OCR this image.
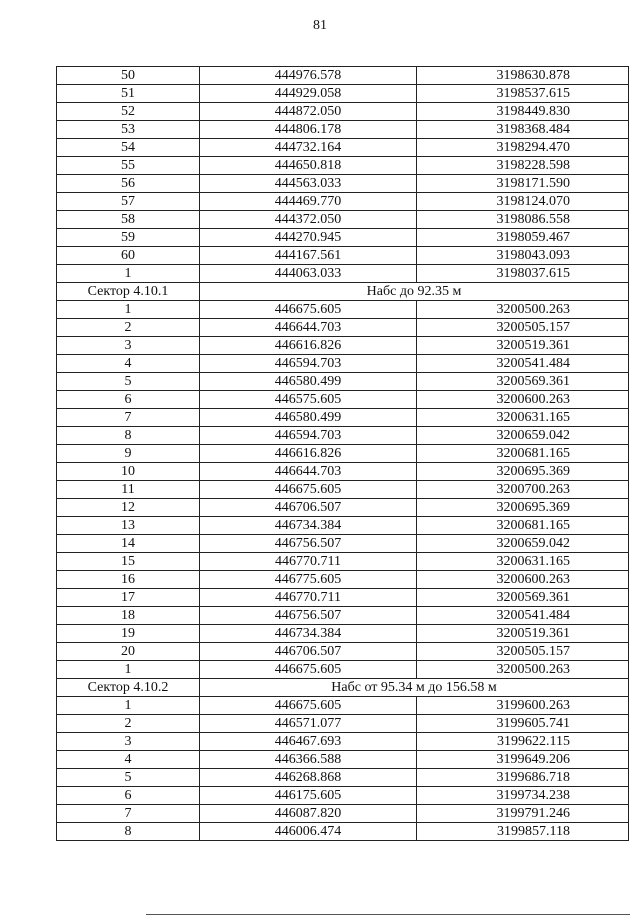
81
50	444976.578	3198630.878
51	444929.058	3198537.615
52	444872.050	3198449.830
53	444806.178	3198368.484
54	444732.164	3198294.470
55	444650.818	3198228.598
56	444563.033	3198171.590
57	444469.770	3198124.070
58	444372.050	3198086.558
59	444270.945	3198059.467
60	444167.561	3198043.093
1	444063.033	3198037.615
Сектор 4.10.1	Набс до 92.35 м	
1	446675.605	3200500.263
2	446644.703	3200505.157
3	446616.826	3200519.361
4	446594.703	3200541.484
5	446580.499	3200569.361
6	446575.605	3200600.263
7	446580.499	3200631.165
8	446594.703	3200659.042
9	446616.826	3200681.165
10	446644.703	3200695.369
11	446675.605	3200700.263
12	446706.507	3200695.369
13	446734.384	3200681.165
14	446756.507	3200659.042
15	446770.711	3200631.165
16	446775.605	3200600.263
17	446770.711	3200569.361
18	446756.507	3200541.484
19	446734.384	3200519.361
20	446706.507	3200505.157
1	446675.605	3200500.263
Сектор 4.10.2	Набс от 95.34 м до 156.58 м	
1	446675.605	3199600.263
2	446571.077	3199605.741
3	446467.693	3199622.115
4	446366.588	3199649.206
5	446268.868	3199686.718
6	446175.605	3199734.238
7	446087.820	3199791.246
8	446006.474	3199857.118
